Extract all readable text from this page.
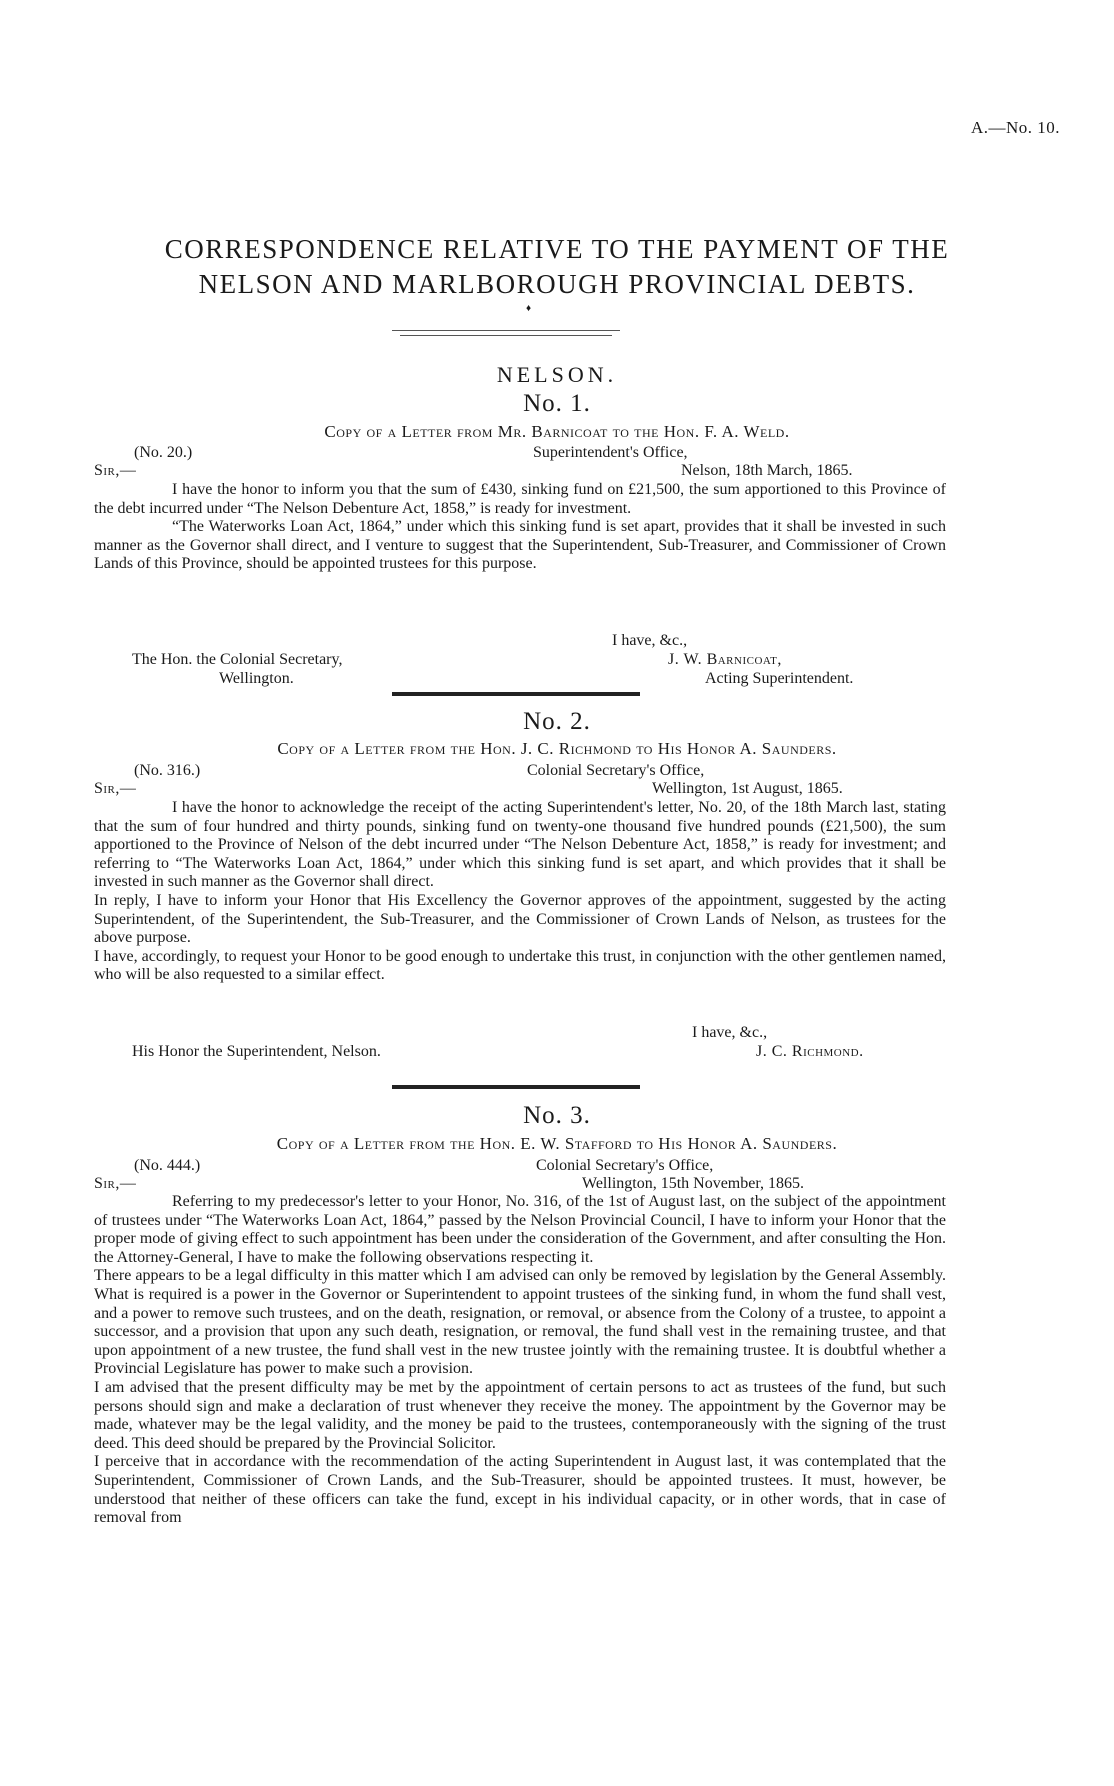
A.—No. 10.
CORRESPONDENCE RELATIVE TO THE PAYMENT OF THE
NELSON AND MARLBOROUGH PROVINCIAL DEBTS.
♦
NELSON.
No. 1.
Copy of a Letter from Mr. Barnicoat to the Hon. F. A. Weld.
(No. 20.)	Superintendent's Office,
Sir,—	Nelson, 18th March, 1865.

I have the honor to inform you that the sum of £430, sinking fund on £21,500, the sum apportioned to this Province of the debt incurred under “The Nelson Debenture Act, 1858,” is ready for investment.

“The Waterworks Loan Act, 1864,” under which this sinking fund is set apart, provides that it shall be invested in such manner as the Governor shall direct, and I venture to suggest that the Superintendent, Sub-Treasurer, and Commissioner of Crown Lands of this Province, should be appointed trustees for this purpose.

I have, &c.,
The Hon. the Colonial Secretary,	J. W. Barnicoat,
Wellington.	Acting Superintendent.
No. 2.
Copy of a Letter from the Hon. J. C. Richmond to His Honor A. Saunders.
(No. 316.)	Colonial Secretary's Office,
Sir,—	Wellington, 1st August, 1865.

I have the honor to acknowledge the receipt of the acting Superintendent's letter, No. 20, of the 18th March last, stating that the sum of four hundred and thirty pounds, sinking fund on twenty-one thousand five hundred pounds (£21,500), the sum apportioned to the Province of Nelson of the debt incurred under “The Nelson Debenture Act, 1858,” is ready for investment; and referring to “The Waterworks Loan Act, 1864,” under which this sinking fund is set apart, and which provides that it shall be invested in such manner as the Governor shall direct.

In reply, I have to inform your Honor that His Excellency the Governor approves of the appointment, suggested by the acting Superintendent, of the Superintendent, the Sub-Treasurer, and the Commissioner of Crown Lands of Nelson, as trustees for the above purpose.

I have, accordingly, to request your Honor to be good enough to undertake this trust, in conjunction with the other gentlemen named, who will be also requested to a similar effect.

I have, &c.,
His Honor the Superintendent, Nelson.	J. C. Richmond.
No. 3.
Copy of a Letter from the Hon. E. W. Stafford to His Honor A. Saunders.
(No. 444.)	Colonial Secretary's Office,
Sir,—	Wellington, 15th November, 1865.

Referring to my predecessor's letter to your Honor, No. 316, of the 1st of August last, on the subject of the appointment of trustees under “The Waterworks Loan Act, 1864,” passed by the Nelson Provincial Council, I have to inform your Honor that the proper mode of giving effect to such appointment has been under the consideration of the Government, and after consulting the Hon. the Attorney-General, I have to make the following observations respecting it.

There appears to be a legal difficulty in this matter which I am advised can only be removed by legislation by the General Assembly. What is required is a power in the Governor or Superintendent to appoint trustees of the sinking fund, in whom the fund shall vest, and a power to remove such trustees, and on the death, resignation, or removal, or absence from the Colony of a trustee, to appoint a successor, and a provision that upon any such death, resignation, or removal, the fund shall vest in the remaining trustee, and that upon appointment of a new trustee, the fund shall vest in the new trustee jointly with the remaining trustee. It is doubtful whether a Provincial Legislature has power to make such a provision.

I am advised that the present difficulty may be met by the appointment of certain persons to act as trustees of the fund, but such persons should sign and make a declaration of trust whenever they receive the money. The appointment by the Governor may be made, whatever may be the legal validity, and the money be paid to the trustees, contemporaneously with the signing of the trust deed. This deed should be prepared by the Provincial Solicitor.

I perceive that in accordance with the recommendation of the acting Superintendent in August last, it was contemplated that the Superintendent, Commissioner of Crown Lands, and the Sub-Treasurer, should be appointed trustees. It must, however, be understood that neither of these officers can take the fund, except in his individual capacity, or in other words, that in case of removal from
